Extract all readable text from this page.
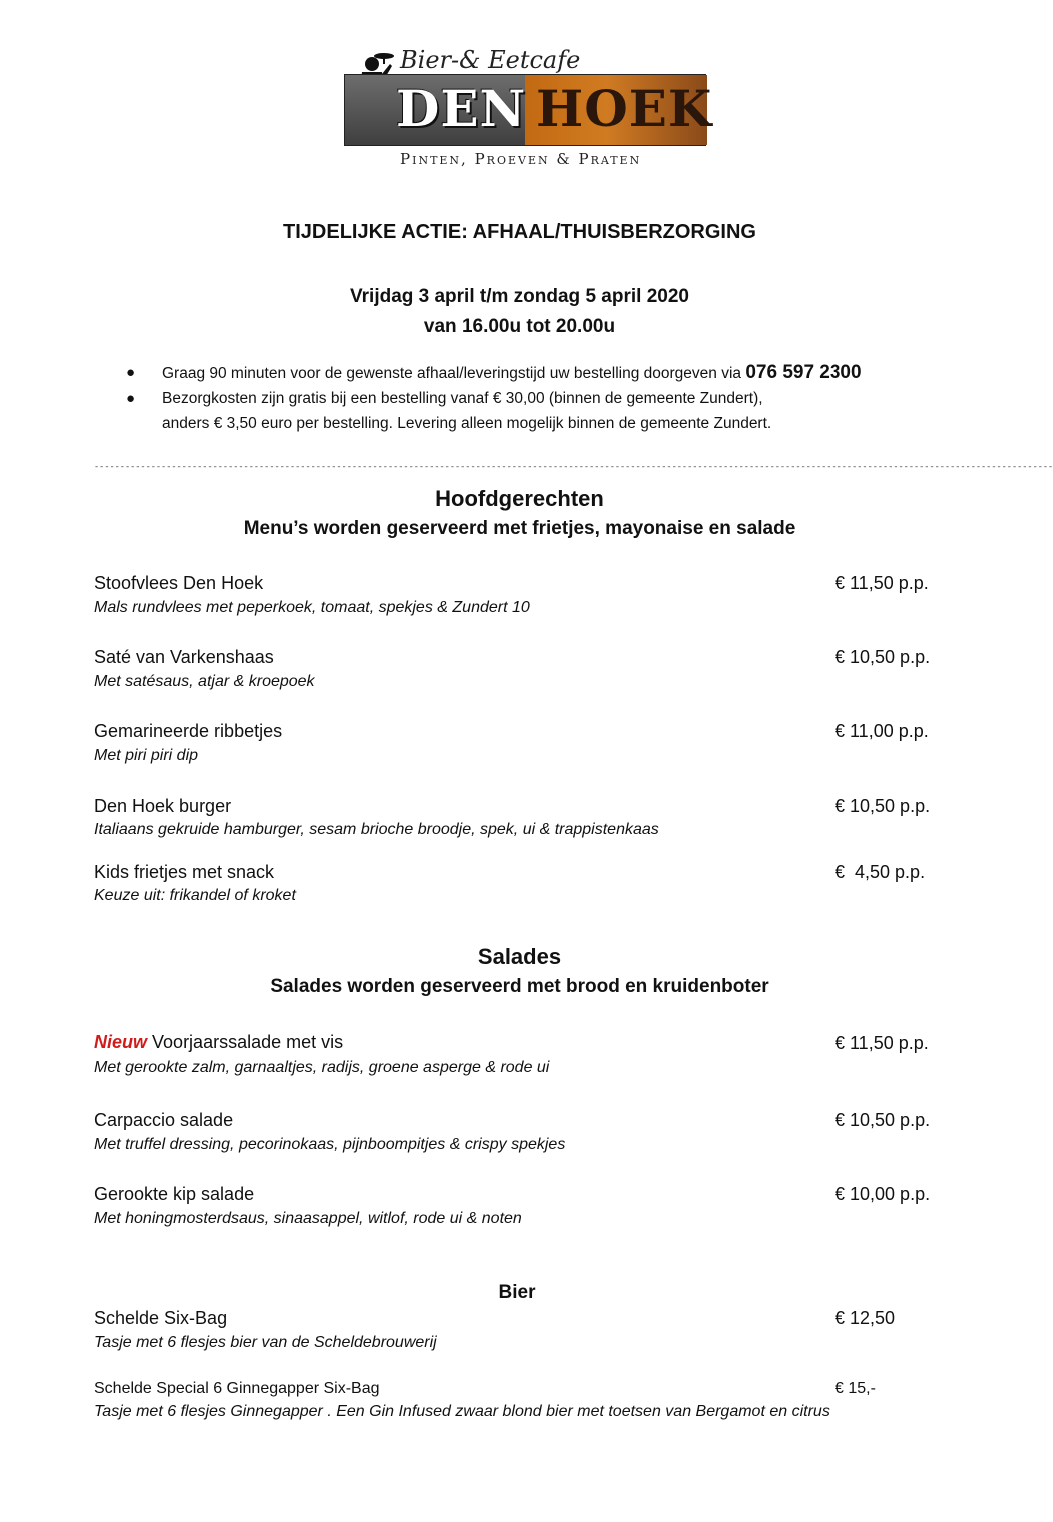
Bier-& Eetcafe
DEN HOEK
Pinten, Proeven & Praten
TIJDELIJKE ACTIE: AFHAAL/THUISBERZORGING
Vrijdag 3 april t/m zondag 5 april 2020
van 16.00u tot 20.00u
● Graag 90 minuten voor de gewenste afhaal/leveringstijd uw bestelling doorgeven via 076 597 2300
● Bezorgkosten zijn gratis bij een bestelling vanaf € 30,00 (binnen de gemeente Zundert),
anders € 3,50 euro per bestelling. Levering alleen mogelijk binnen de gemeente Zundert.
------------------------------------------------------------------------------------------------------------------------------------------------------------------------------------------
Hoofdgerechten
Menu’s worden geserveerd met frietjes, mayonaise en salade
Stoofvlees Den Hoek	€ 11,50 p.p.
Mals rundvlees met peperkoek, tomaat, spekjes & Zundert 10
Saté van Varkenshaas	€ 10,50 p.p.
Met satésaus, atjar & kroepoek
Gemarineerde ribbetjes	€ 11,00 p.p.
Met piri piri dip
Den Hoek burger	€ 10,50 p.p.
Italiaans gekruide hamburger, sesam brioche broodje, spek, ui & trappistenkaas
Kids frietjes met snack	€  4,50 p.p.
Keuze uit: frikandel of kroket
Salades
Salades worden geserveerd met brood en kruidenboter
Nieuw Voorjaarssalade met vis	€ 11,50 p.p.
Met gerookte zalm, garnaaltjes, radijs, groene asperge & rode ui
Carpaccio salade	€ 10,50 p.p.
Met truffel dressing, pecorinokaas, pijnboompitjes & crispy spekjes
Gerookte kip salade	€ 10,00 p.p.
Met honingmosterdsaus, sinaasappel, witlof, rode ui & noten
Bier
Schelde Six-Bag	€ 12,50
Tasje met 6 flesjes bier van de Scheldebrouwerij
Schelde Special 6 Ginnegapper Six-Bag	€ 15,-
Tasje met 6 flesjes Ginnegapper . Een Gin Infused zwaar blond bier met toetsen van Bergamot en citrus
